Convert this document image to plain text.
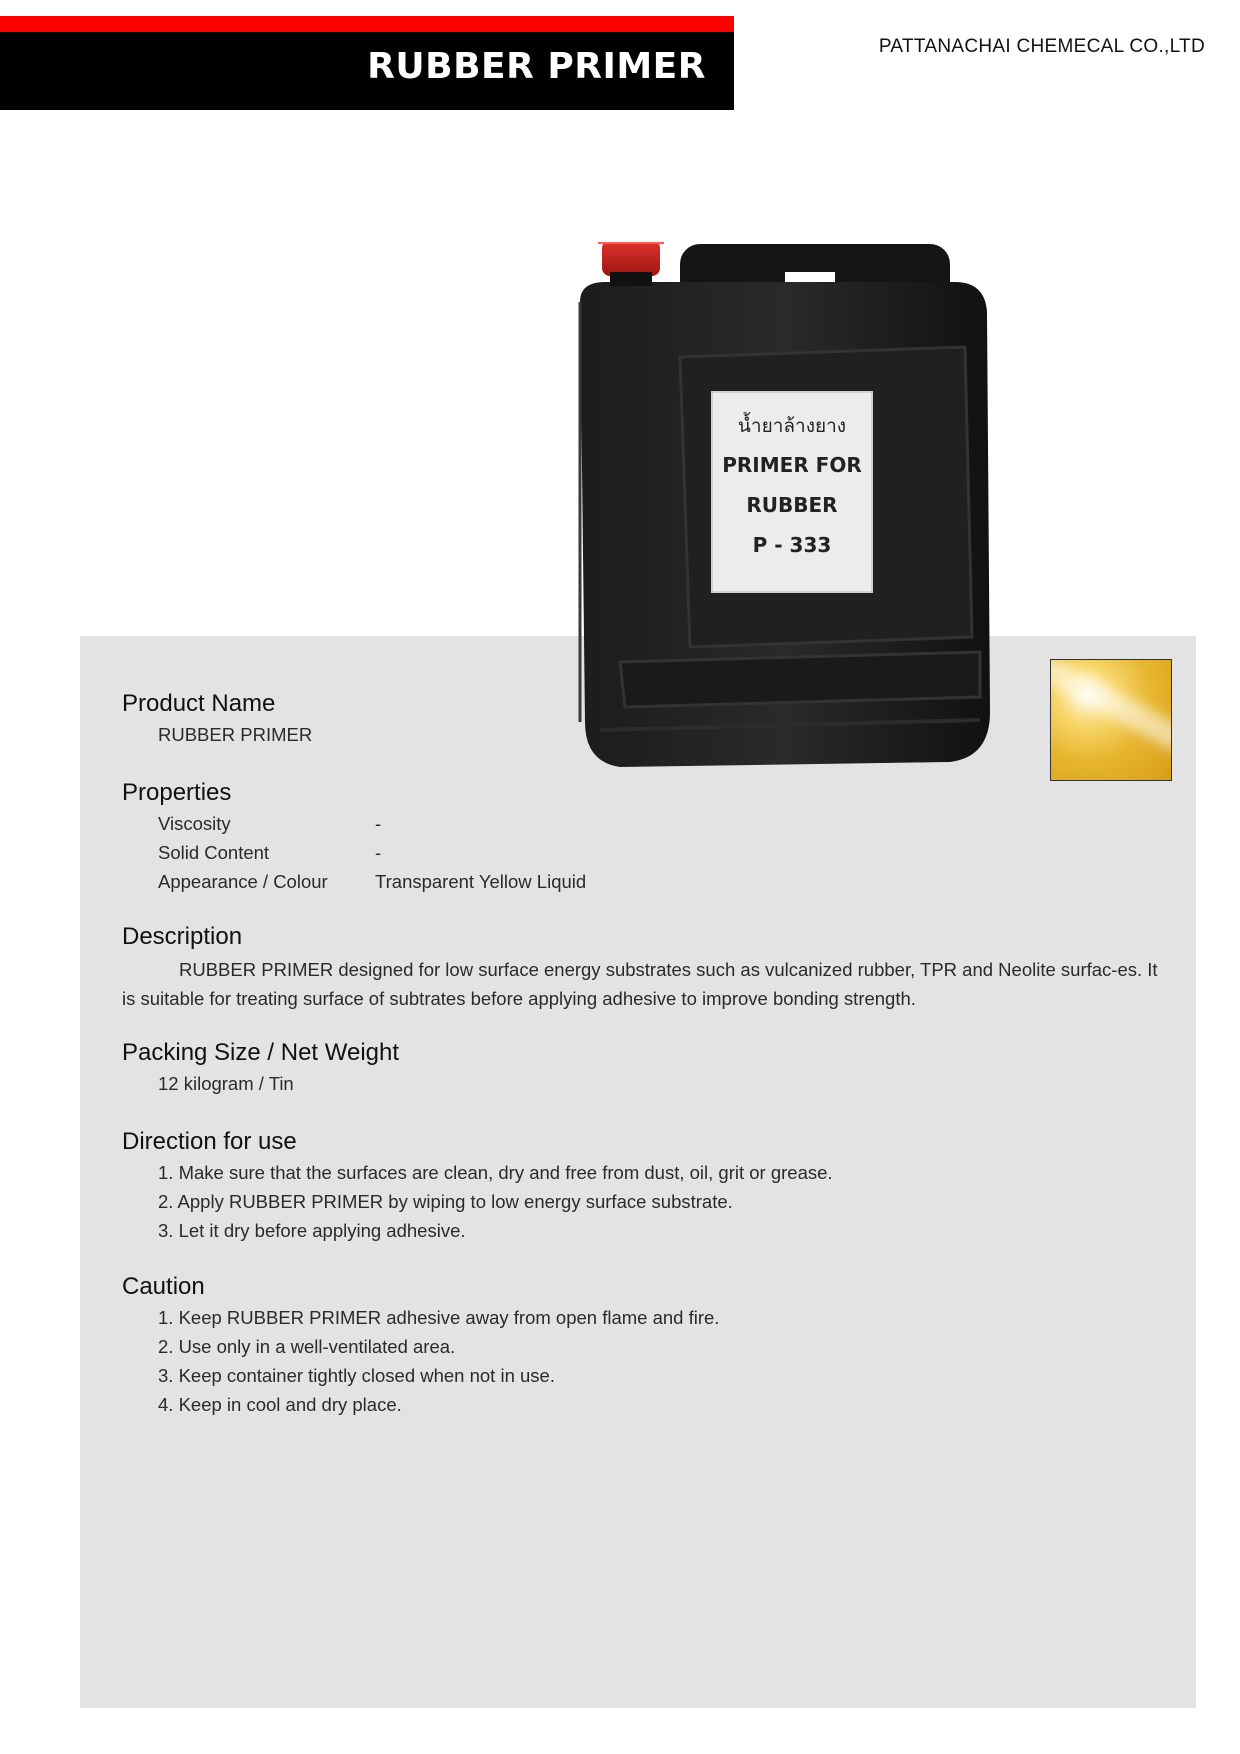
RUBBER PRIMER	PATTANACHAI CHEMECAL CO.,LTD
Product Name
RUBBER PRIMER
Properties
Viscosity	-
Solid Content	-
Appearance / Colour	Transparent Yellow Liquid
Description
RUBBER PRIMER designed for low surface energy substrates such as vulcanized rubber, TPR and Neolite surfac-es. It is suitable for treating surface of subtrates before applying adhesive to improve bonding strength.
Packing Size / Net Weight
12 kilogram / Tin
Direction for use
1. Make sure that the surfaces are clean, dry and free from dust, oil, grit or grease.
2. Apply RUBBER PRIMER by wiping to low energy surface substrate.
3. Let it dry before applying adhesive.
Caution
1. Keep RUBBER PRIMER adhesive away from open flame and fire.
2. Use only in a well-ventilated area.
3. Keep container tightly closed when not in use.
4. Keep in cool and dry place.
น้ำยาล้างยาง
PRIMER FOR
RUBBER
P - 333
